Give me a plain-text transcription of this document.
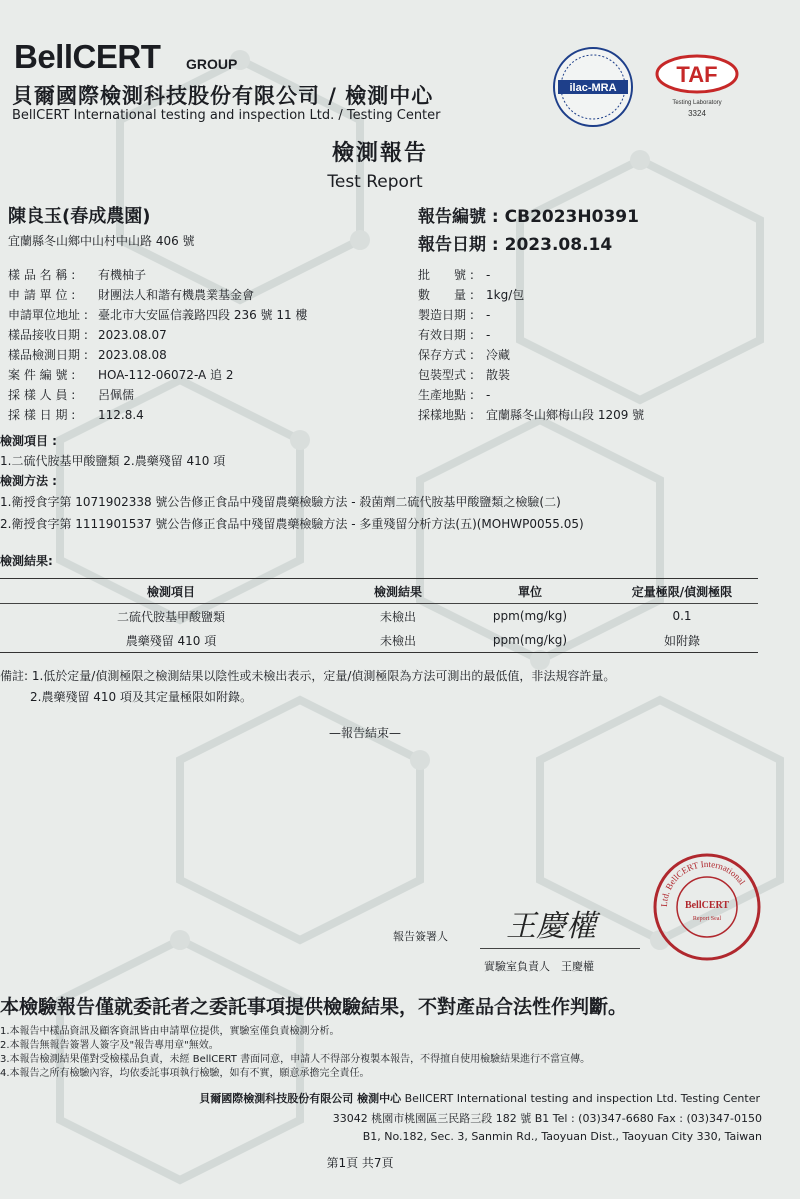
BellCERT GROUP
貝爾國際檢測科技股份有限公司 / 檢測中心
BellCERT International testing and inspection Ltd. / Testing Center
ilac-MRA
TAF
Testing Laboratory
3324
檢測報告
Test Report
陳良玉(春成農園)
宜蘭縣冬山鄉中山村中山路 406 號
報告編號 : CB2023H0391
報告日期 : 2023.08.14
樣 品 名 稱 :	有機柚子
申 請 單 位 :	財團法人和諧有機農業基金會
申請單位地址 : 臺北市大安區信義路四段 236 號 11 樓
樣品接收日期 : 2023.08.07
樣品檢測日期 : 2023.08.08
案 件 編 號 :	HOA-112-06072-A 追 2
採 樣 人 員 :	呂佩儒
採 樣 日 期 :	112.8.4
批　　號 :	-
數　　量 :	1kg/包
製造日期 :	-
有效日期 :	-
保存方式 :	冷藏
包裝型式 :	散裝
生產地點 :	-
採樣地點 :	宜蘭縣冬山鄉梅山段 1209 號
檢測項目 :
1.二硫代胺基甲酸鹽類 2.農藥殘留 410 項
檢測方法 :
1.衛授食字第 1071902338 號公告修正食品中殘留農藥檢驗方法 - 殺菌劑二硫代胺基甲酸鹽類之檢驗(二)
2.衛授食字第 1111901537 號公告修正食品中殘留農藥檢驗方法 - 多重殘留分析方法(五)(MOHWP0055.05)
檢測結果:
檢測項目	檢測結果	單位	定量極限/偵測極限
二硫代胺基甲酸鹽類	未檢出	ppm(mg/kg)	0.1
農藥殘留 410 項	未檢出	ppm(mg/kg)	如附錄
備註: 1.低於定量/偵測極限之檢測結果以陰性或未檢出表示，定量/偵測極限為方法可測出的最低值，非法規容許量。
2.農藥殘留 410 項及其定量極限如附錄。
—報告結束—
報告簽署人 王慶權
實驗室負責人　王慶權
Ltd. BellCERT International
BellCERT
Report Seal
本檢驗報告僅就委託者之委託事項提供檢驗結果，不對產品合法性作判斷。
1.本報告中樣品資訊及顧客資訊皆由申請單位提供，實驗室僅負責檢測分析。
2.本報告無報告簽署人簽字及"報告專用章"無效。
3.本報告檢測結果僅對受檢樣品負責，未經 BellCERT 書面同意，申請人不得部分複製本報告，不得擅自使用檢驗結果進行不當宣傳。
4.本報告之所有檢驗內容，均依委託事項執行檢驗，如有不實，願意承擔完全責任。
貝爾國際檢測科技股份有限公司 檢測中心 BellCERT International testing and inspection Ltd. Testing Center
33042 桃園市桃園區三民路三段 182 號 B1 Tel : (03)347-6680 Fax : (03)347-0150
B1, No.182, Sec. 3, Sanmin Rd., Taoyuan Dist., Taoyuan City 330, Taiwan
第1頁 共7頁
